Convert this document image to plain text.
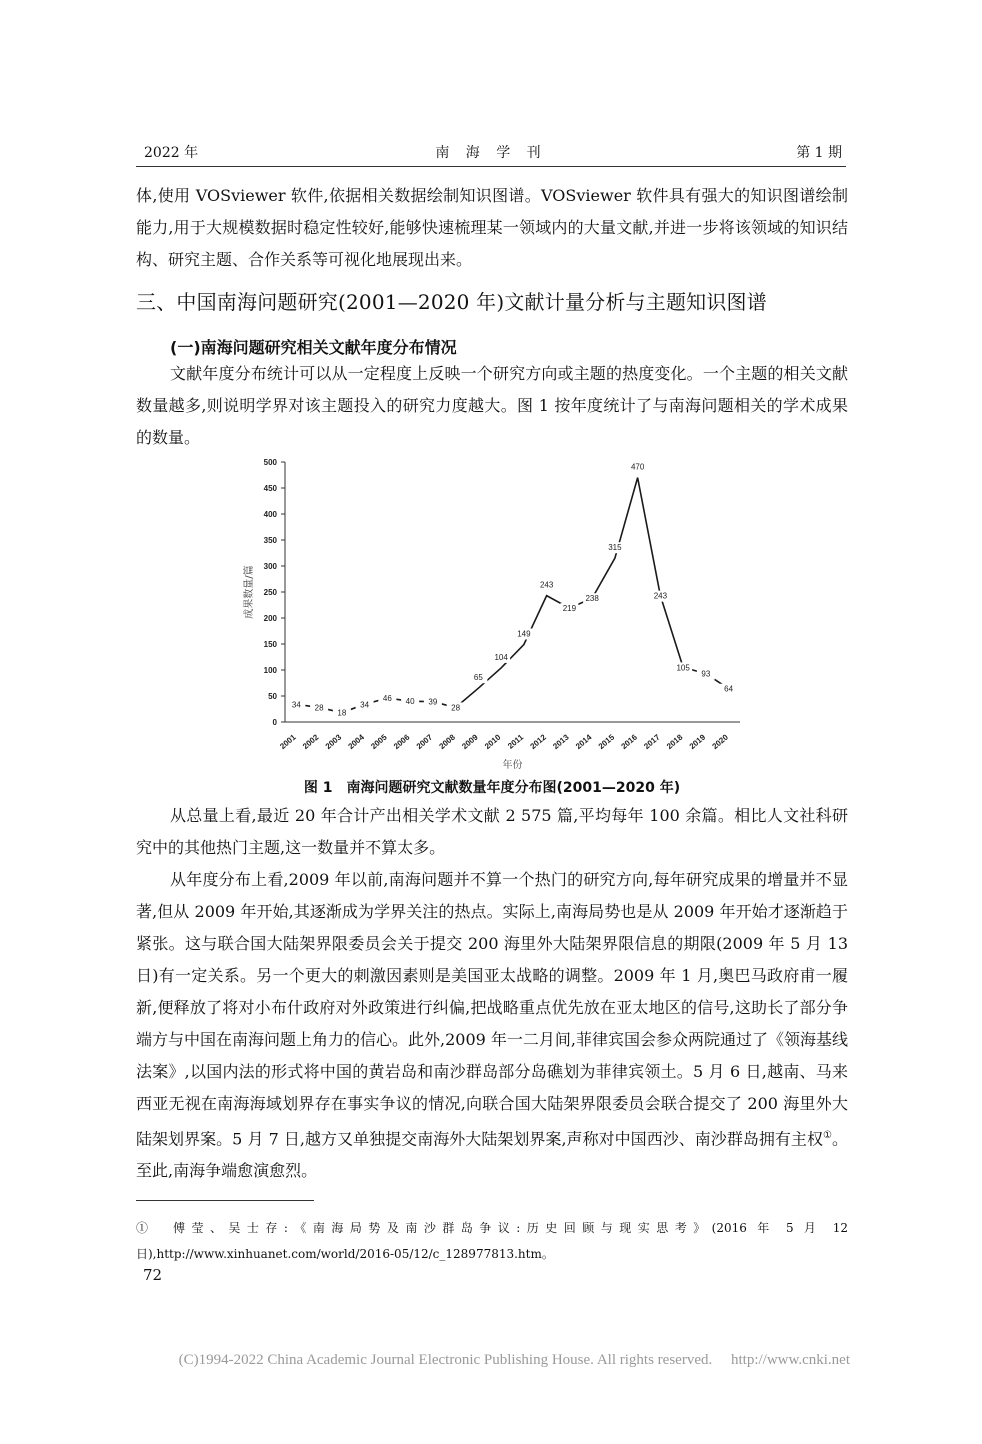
2022 年	南 海 学 刊	第 1 期

体,使用 VOSviewer 软件,依据相关数据绘制知识图谱。VOSviewer 软件具有强大的知识图谱绘制能力,用于大规模数据时稳定性较好,能够快速梳理某一领域内的大量文献,并进一步将该领域的知识结构、研究主题、合作关系等可视化地展现出来。

三、中国南海问题研究(2001—2020 年)文献计量分析与主题知识图谱
(一)南海问题研究相关文献年度分布情况

文献年度分布统计可以从一定程度上反映一个研究方向或主题的热度变化。一个主题的相关文献数量越多,则说明学界对该主题投入的研究力度越大。图 1 按年度统计了与南海问题相关的学术成果的数量。

0
50
100
150
200
250
300
350
400
450
500
2001 2002 2003 2004 2005 2006 2007 2008 2009 2010 2011 2012 2013 2014 2015 2016 2017 2018 2019 2020
34 28
18
34
46 40 39
28
65
104
149
243
219
238
315
470
243
105
93
64
成果数量/篇
年份
图 1　南海问题研究文献数量年度分布图(2001—2020 年)

从总量上看,最近 20 年合计产出相关学术文献 2 575 篇,平均每年 100 余篇。相比人文社科研究中的其他热门主题,这一数量并不算太多。

从年度分布上看,2009 年以前,南海问题并不算一个热门的研究方向,每年研究成果的增量并不显著,但从 2009 年开始,其逐渐成为学界关注的热点。实际上,南海局势也是从 2009 年开始才逐渐趋于紧张。这与联合国大陆架界限委员会关于提交 200 海里外大陆架界限信息的期限(2009 年 5 月 13 日)有一定关系。另一个更大的刺激因素则是美国亚太战略的调整。2009 年 1 月,奥巴马政府甫一履新,便释放了将对小布什政府对外政策进行纠偏,把战略重点优先放在亚太地区的信号,这助长了部分争端方与中国在南海问题上角力的信心。此外,2009 年一二月间,菲律宾国会参众两院通过了《领海基线法案》,以国内法的形式将中国的黄岩岛和南沙群岛部分岛礁划为菲律宾领土。5 月 6 日,越南、马来西亚无视在南海海域划界存在事实争议的情况,向联合国大陆架界限委员会联合提交了 200 海里外大陆架划界案。5 月 7 日,越方又单独提交南海外大陆架划界案,声称对中国西沙、南沙群岛拥有主权①。至此,南海争端愈演愈烈。

①　傅莹、吴士存:《南海局势及南沙群岛争议:历史回顾与现实思考》(2016 年 5 月 12 日),http://www.xinhuanet.com/world/2016-05/12/c_128977813.htm。
72
(C)1994-2022 China Academic Journal Electronic Publishing House. All rights reserved.　 http://www.cnki.net
